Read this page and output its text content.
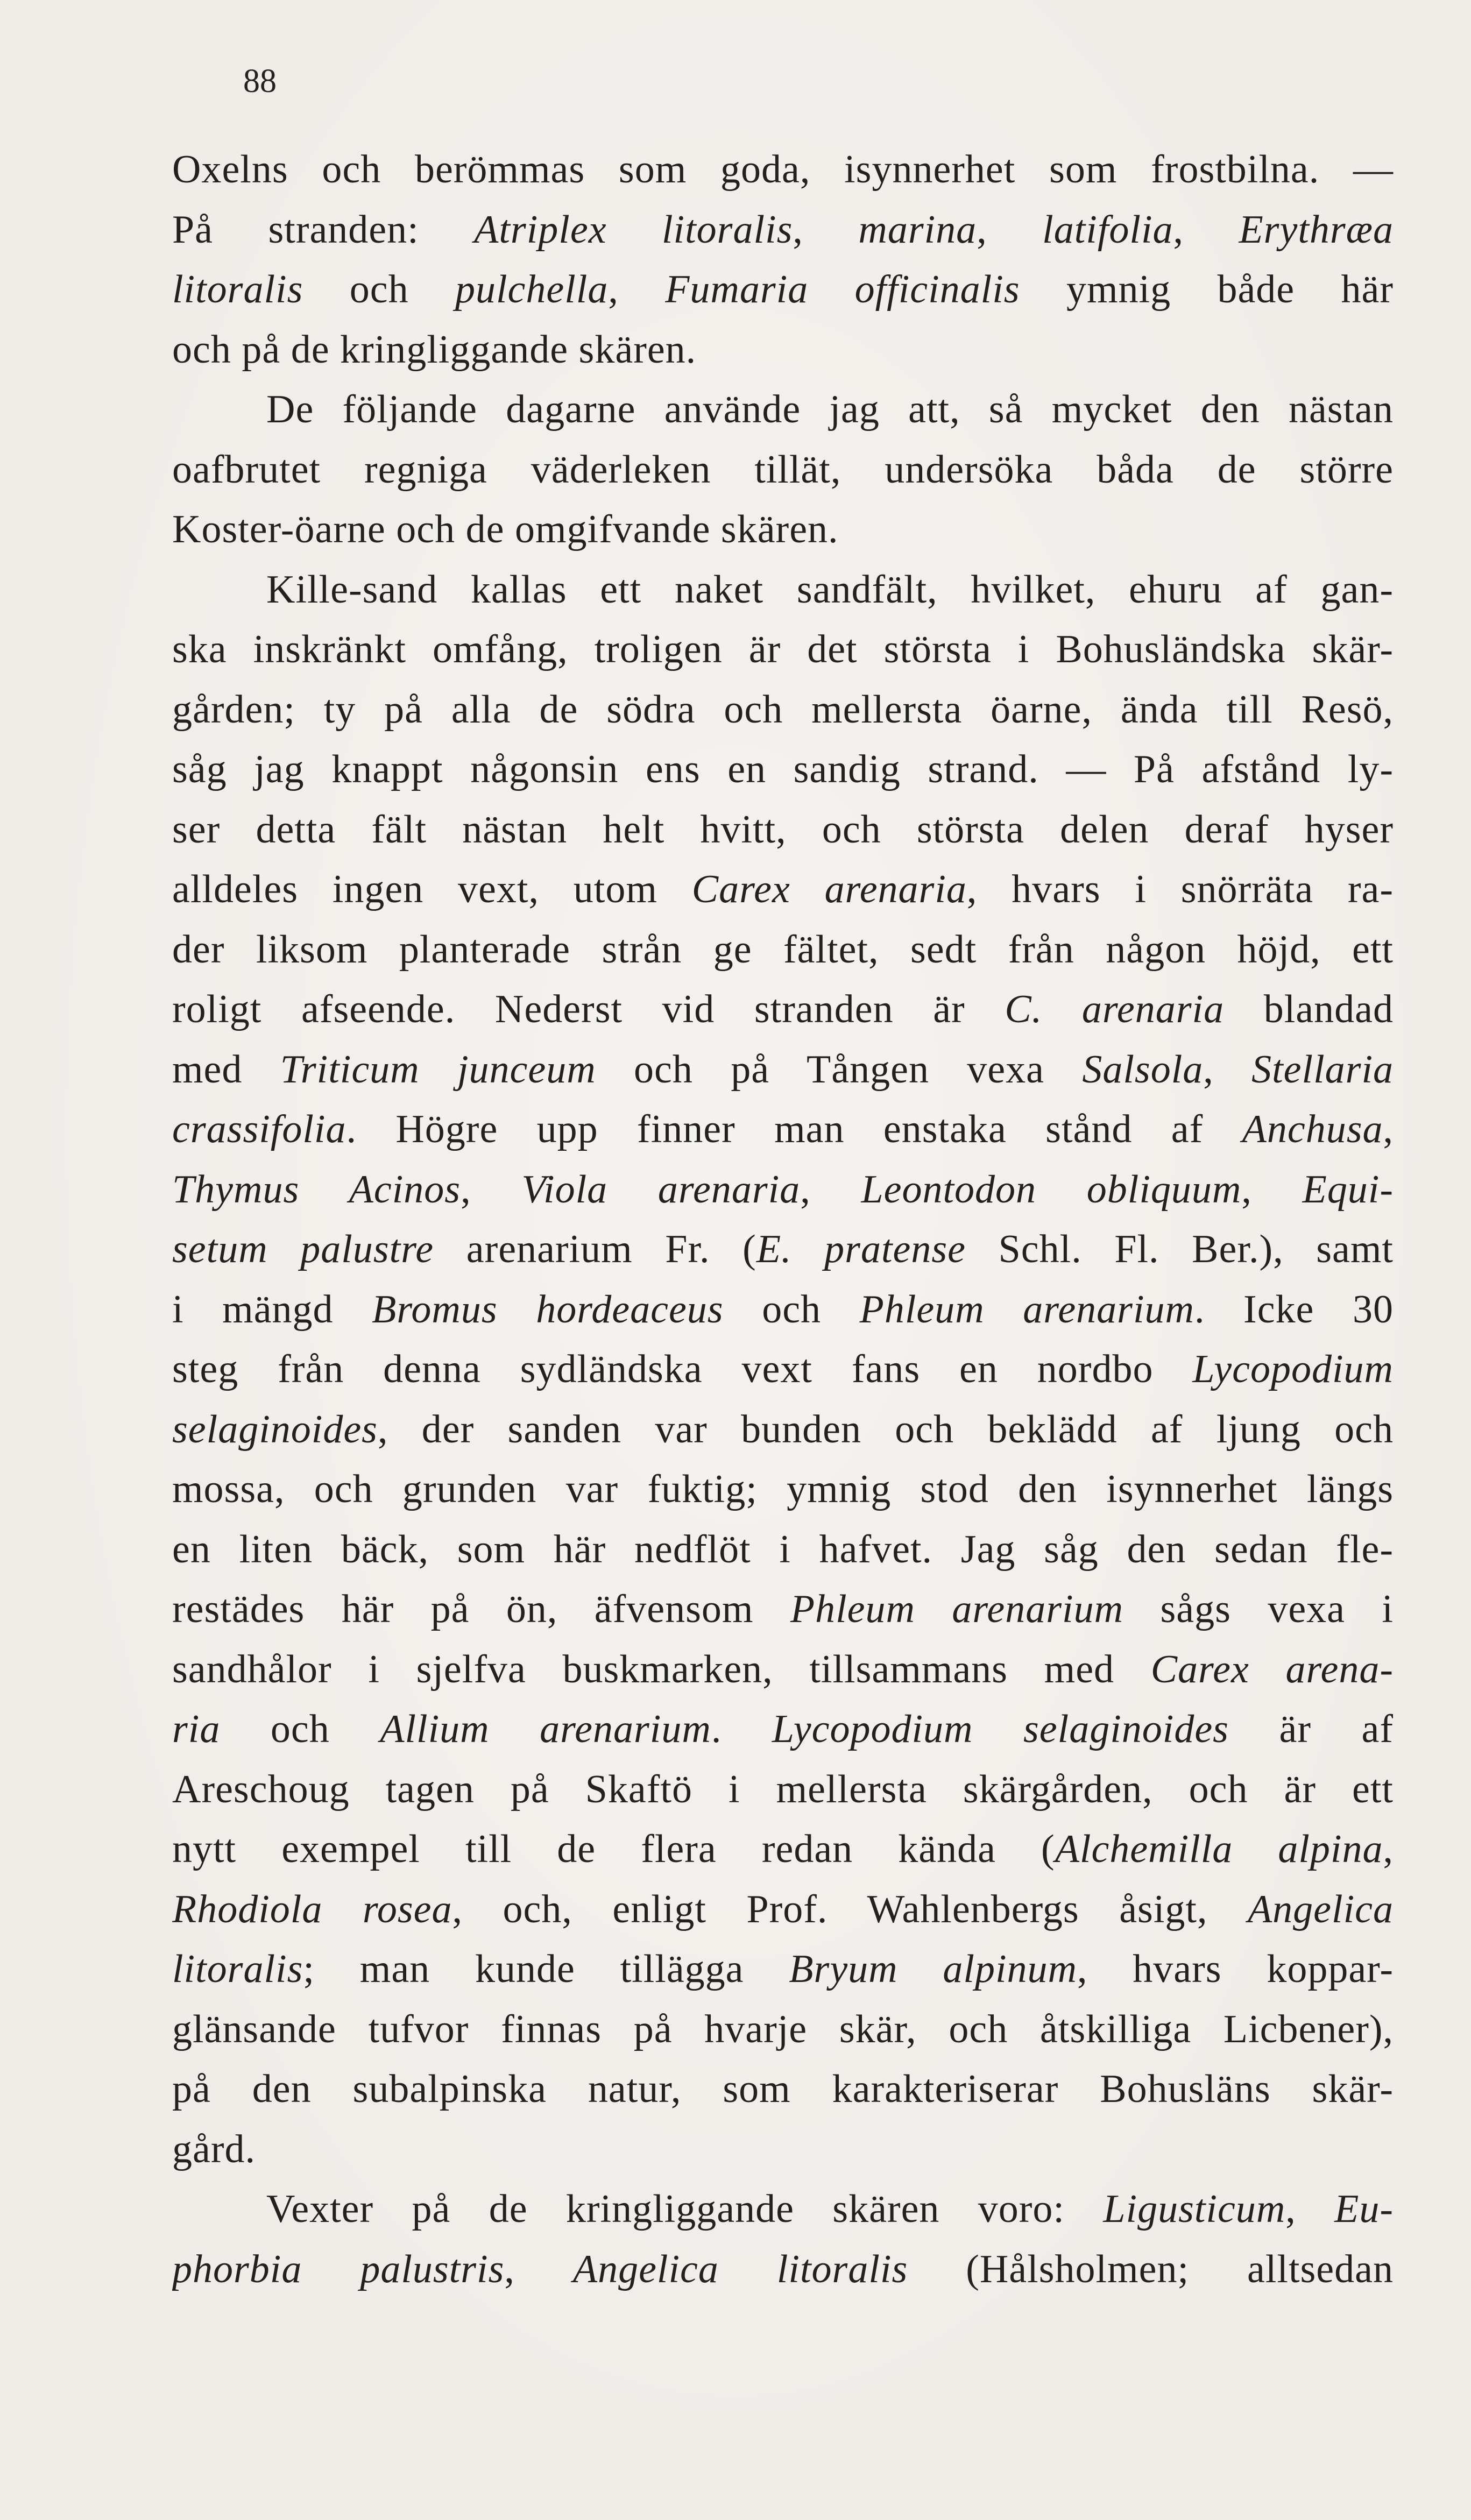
88

Oxelns och berömmas som goda, isynnerhet som frostbilna. —
På stranden: Atriplex litoralis, marina, latifolia, Erythræa
litoralis och pulchella, Fumaria officinalis ymnig både här
och på de kringliggande skären.
De följande dagarne använde jag att, så mycket den nästan
oafbrutet regniga väderleken tillät, undersöka båda de större
Koster-öarne och de omgifvande skären.
Kille-sand kallas ett naket sandfält, hvilket, ehuru af gan-
ska inskränkt omfång, troligen är det största i Bohusländska skär-
gården; ty på alla de södra och mellersta öarne, ända till Resö,
såg jag knappt någonsin ens en sandig strand. — På afstånd ly-
ser detta fält nästan helt hvitt, och största delen deraf hyser
alldeles ingen vext, utom Carex arenaria, hvars i snörräta ra-
der liksom planterade strån ge fältet, sedt från någon höjd, ett
roligt afseende. Nederst vid stranden är C. arenaria blandad
med Triticum junceum och på Tången vexa Salsola, Stellaria
crassifolia. Högre upp finner man enstaka stånd af Anchusa,
Thymus Acinos, Viola arenaria, Leontodon obliquum, Equi-
setum palustre arenarium Fr. (E. pratense Schl. Fl. Ber.), samt
i mängd Bromus hordeaceus och Phleum arenarium. Icke 30
steg från denna sydländska vext fans en nordbo Lycopodium
selaginoides, der sanden var bunden och beklädd af ljung och
mossa, och grunden var fuktig; ymnig stod den isynnerhet längs
en liten bäck, som här nedflöt i hafvet. Jag såg den sedan fle-
restädes här på ön, äfvensom Phleum arenarium sågs vexa i
sandhålor i sjelfva buskmarken, tillsammans med Carex arena-
ria och Allium arenarium. Lycopodium selaginoides är af
Areschoug tagen på Skaftö i mellersta skärgården, och är ett
nytt exempel till de flera redan kända (Alchemilla alpina,
Rhodiola rosea, och, enligt Prof. Wahlenbergs åsigt, Angelica
litoralis; man kunde tillägga Bryum alpinum, hvars koppar-
glänsande tufvor finnas på hvarje skär, och åtskilliga Licbener),
på den subalpinska natur, som karakteriserar Bohusläns skär-
gård.
Vexter på de kringliggande skären voro: Ligusticum, Eu-
phorbia palustris, Angelica litoralis (Hålsholmen; alltsedan
